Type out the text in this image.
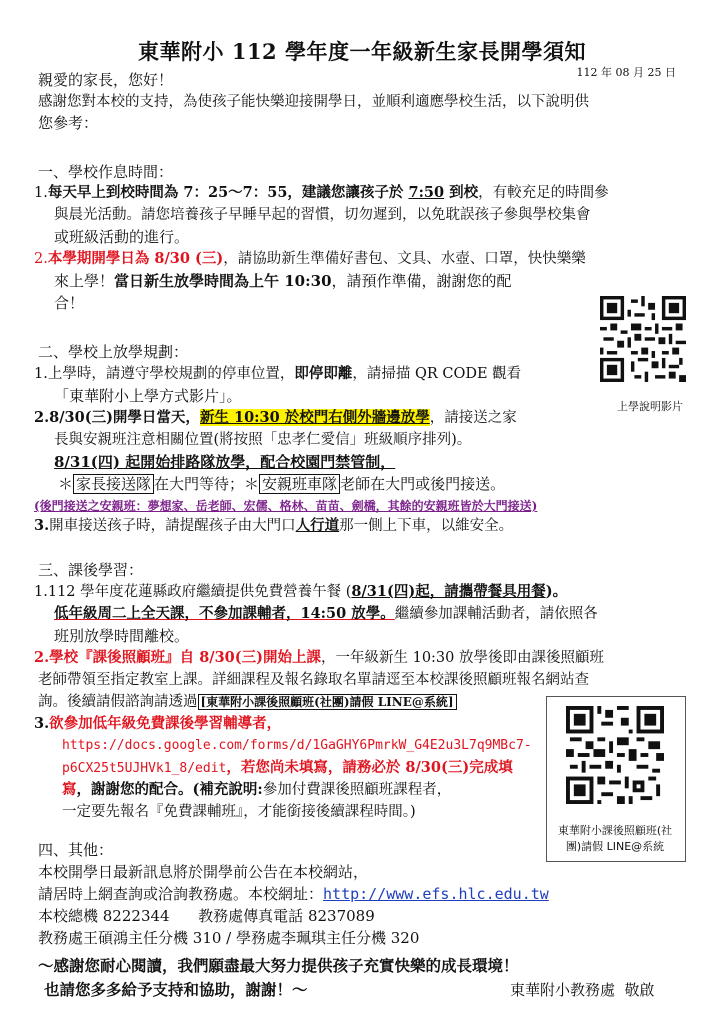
東華附小 112 學年度一年級新生家長開學須知
112 年 08 月 25 日
親愛的家長，您好！
感謝您對本校的支持，為使孩子能快樂迎接開學日，並順利適應學校生活，以下說明供
您參考：
一、學校作息時間：
1.每天早上到校時間為 7：25～7：55，建議您讓孩子於 7:50 到校，有較充足的時間參
與晨光活動。請您培養孩子早睡早起的習慣，切勿遲到，以免耽誤孩子參與學校集會
或班級活動的進行。
2.本學期開學日為 8/30 (三)，請協助新生準備好書包、文具、水壺、口罩，快快樂樂
來上學！當日新生放學時間為上午 10:30，請預作準備，謝謝您的配
合！
上學說明影片
二、學校上放學規劃：
1.上學時，請遵守學校規劃的停車位置，即停即離，請掃描 QR CODE 觀看
「東華附小上學方式影片」。
2.8/30(三)開學日當天，新生 10:30 於校門右側外牆邊放學，請接送之家
長與安親班注意相關位置(將按照「忠孝仁愛信」班級順序排列)。
8/31(四) 起開始排路隊放學，配合校園門禁管制，
＊ 家長接送隊 在大門等待；＊ 安親班車隊 老師在大門或後門接送。
(後門接送之安親班：夢想家、岳老師、宏儒、格林、苗苗、劍橋，其餘的安親班皆於大門接送)
3.開車接送孩子時，請提醒孩子由大門口人行道那一側上下車，以維安全。
三、課後學習：
1.112 學年度花蓮縣政府繼續提供免費營養午餐 (8/31(四)起，請攜帶餐具用餐)。
低年級周二上全天課，不參加課輔者，14:50 放學。繼續參加課輔活動者，請依照各
班別放學時間離校。
2.學校『課後照顧班』自 8/30(三)開始上課，一年級新生 10:30 放學後即由課後照顧班
老師帶領至指定教室上課。詳細課程及報名錄取名單請逕至本校課後照顧班報名網站查
詢。後續請假諮詢請透過 [東華附小課後照顧班(社團)請假 LINE@系統]
3.欲參加低年級免費課後學習輔導者，
https://docs.google.com/forms/d/1GaGHY6PmrkW_G4E2u3L7q9MBc7-
p6CX25t5UJHVk1_8/edit，若您尚未填寫，請務必於 8/30(三)完成填
寫，謝謝您的配合。(補充說明:參加付費課後照顧班課程者，
一定要先報名『免費課輔班』，才能銜接後續課程時間。)
東華附小課後照顧班(社
團)請假 LINE@系統
四、其他：
本校開學日最新訊息將於開學前公告在本校網站，
請居時上網查詢或洽詢教務處。本校網址：http://www.efs.hlc.edu.tw
本校總機 8222344      教務處傳真電話 8237089
教務處王碩鴻主任分機 310 / 學務處李珮琪主任分機 320
～感謝您耐心閱讀，我們願盡最大努力提供孩子充實快樂的成長環境！
也請您多多給予支持和協助，謝謝！～	東華附小教務處  敬啟
